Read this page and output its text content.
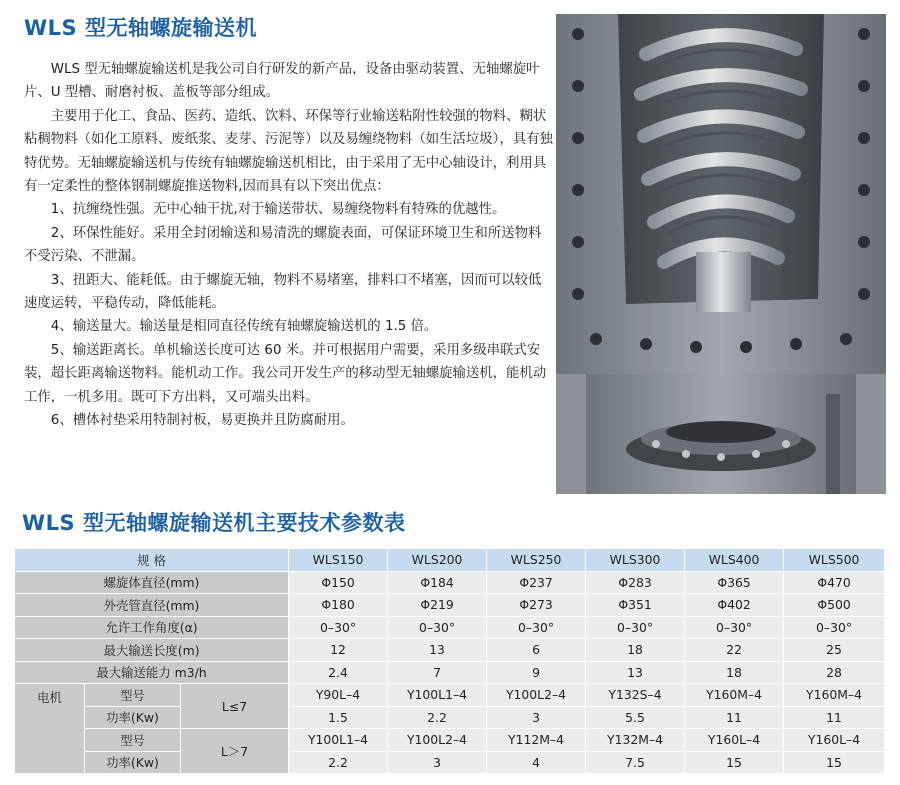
WLS 型无轴螺旋输送机

WLS 型无轴螺旋输送机是我公司自行研发的新产品，设备由驱动装置、无轴螺旋叶片、U 型槽、耐磨衬板、盖板等部分组成。

主要用于化工、食品、医药、造纸、饮料、环保等行业输送粘附性较强的物料、糊状粘稠物料（如化工原料、废纸浆、麦芽、污泥等）以及易缠绕物料（如生活垃圾），具有独特优势。无轴螺旋输送机与传统有轴螺旋输送机相比，由于采用了无中心轴设计，利用具有一定柔性的整体钢制螺旋推送物料,因而具有以下突出优点：

1、抗缠绕性强。无中心轴干扰,对于输送带状、易缠绕物料有特殊的优越性。

2、环保性能好。采用全封闭输送和易清洗的螺旋表面，可保证环境卫生和所送物料不受污染、不泄漏。

3、扭距大、能耗低。由于螺旋无轴，物料不易堵塞，排料口不堵塞，因而可以较低速度运转，平稳传动，降低能耗。

4、输送量大。输送量是相同直径传统有轴螺旋输送机的 1.5 倍。

5、输送距离长。单机输送长度可达 60 米。并可根据用户需要，采用多级串联式安装，超长距离输送物料。能机动工作。我公司开发生产的移动型无轴螺旋输送机，能机动工作，一机多用。既可下方出料，又可端头出料。

6、槽体衬垫采用特制衬板，易更换并且防腐耐用。

WLS 型无轴螺旋输送机主要技术参数表
规 格			WLS150	WLS200	WLS250	WLS300	WLS400	WLS500
螺旋体直径(mm)			Φ150	Φ184	Φ237	Φ283	Φ365	Φ470
外壳管直径(mm)			Φ180	Φ219	Φ273	Φ351	Φ402	Φ500
允许工作角度(α)			0–30°	0–30°	0–30°	0–30°	0–30°	0–30°
最大输送长度(m)			12	13	6	18	22	25
最大输送能力 m3/h			2.4	7	9	13	18	28
电机	型号	L≤7	Y90L–4	Y100L1–4	Y100L2–4	Y132S–4	Y160M–4	Y160M–4
	功率(Kw)		1.5	2.2	3	5.5	11	11
	型号	L＞7	Y100L1–4	Y100L2–4	Y112M–4	Y132M–4	Y160L–4	Y160L–4
	功率(Kw)		2.2	3	4	7.5	15	15
